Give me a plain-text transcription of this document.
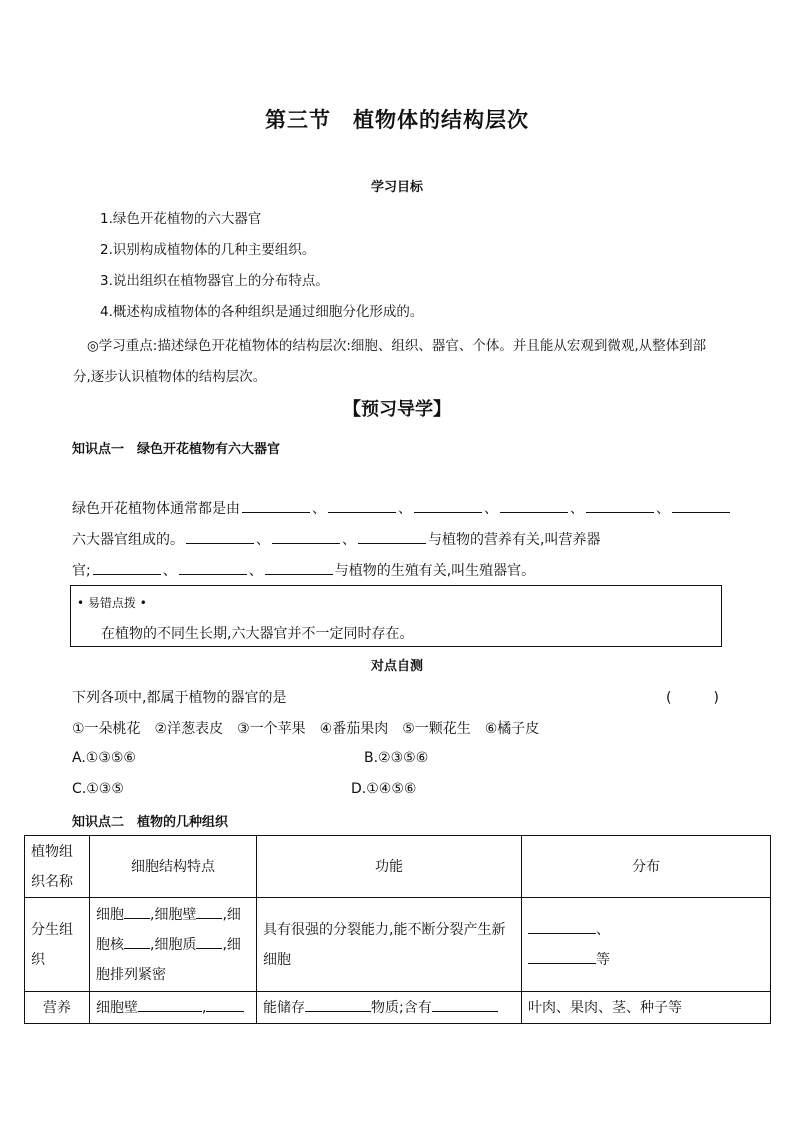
第三节　植物体的结构层次
学习目标
1.绿色开花植物的六大器官
2.识别构成植物体的几种主要组织。
3.说出组织在植物器官上的分布特点。
4.概述构成植物体的各种组织是通过细胞分化形成的。
◎学习重点:描述绿色开花植物体的结构层次:细胞、组织、器官、个体。并且能从宏观到微观,从整体到部分,逐步认识植物体的结构层次。
【预习导学】
知识点一　绿色开花植物有六大器官
绿色开花植物体通常都是由	、	、	、	、	、
六大器官组成的。	、	、	与植物的营养有关,叫营养器
官;	、	、	与植物的生殖有关,叫生殖器官。
• 易错点拨 •
在植物的不同生长期,六大器官并不一定同时存在。
对点自测
下列各项中,都属于植物的器官的是	(　　　)
①一朵桃花　②洋葱表皮　③一个苹果　④番茄果肉　⑤一颗花生　⑥橘子皮
A.①③⑤⑥	B.②③⑤⑥
C.①③⑤	D.①④⑤⑥
知识点二　植物的几种组织
植物组织名称	细胞结构特点	功能	分布
分生组织	细胞 ,细胞壁 ,细胞核 ,细胞质 ,细胞排列紧密	具有很强的分裂能力,能不断分裂产生新细胞	、
等

营养	细胞壁 ,	能储存 物质;含有	叶肉、果肉、茎、种子等
